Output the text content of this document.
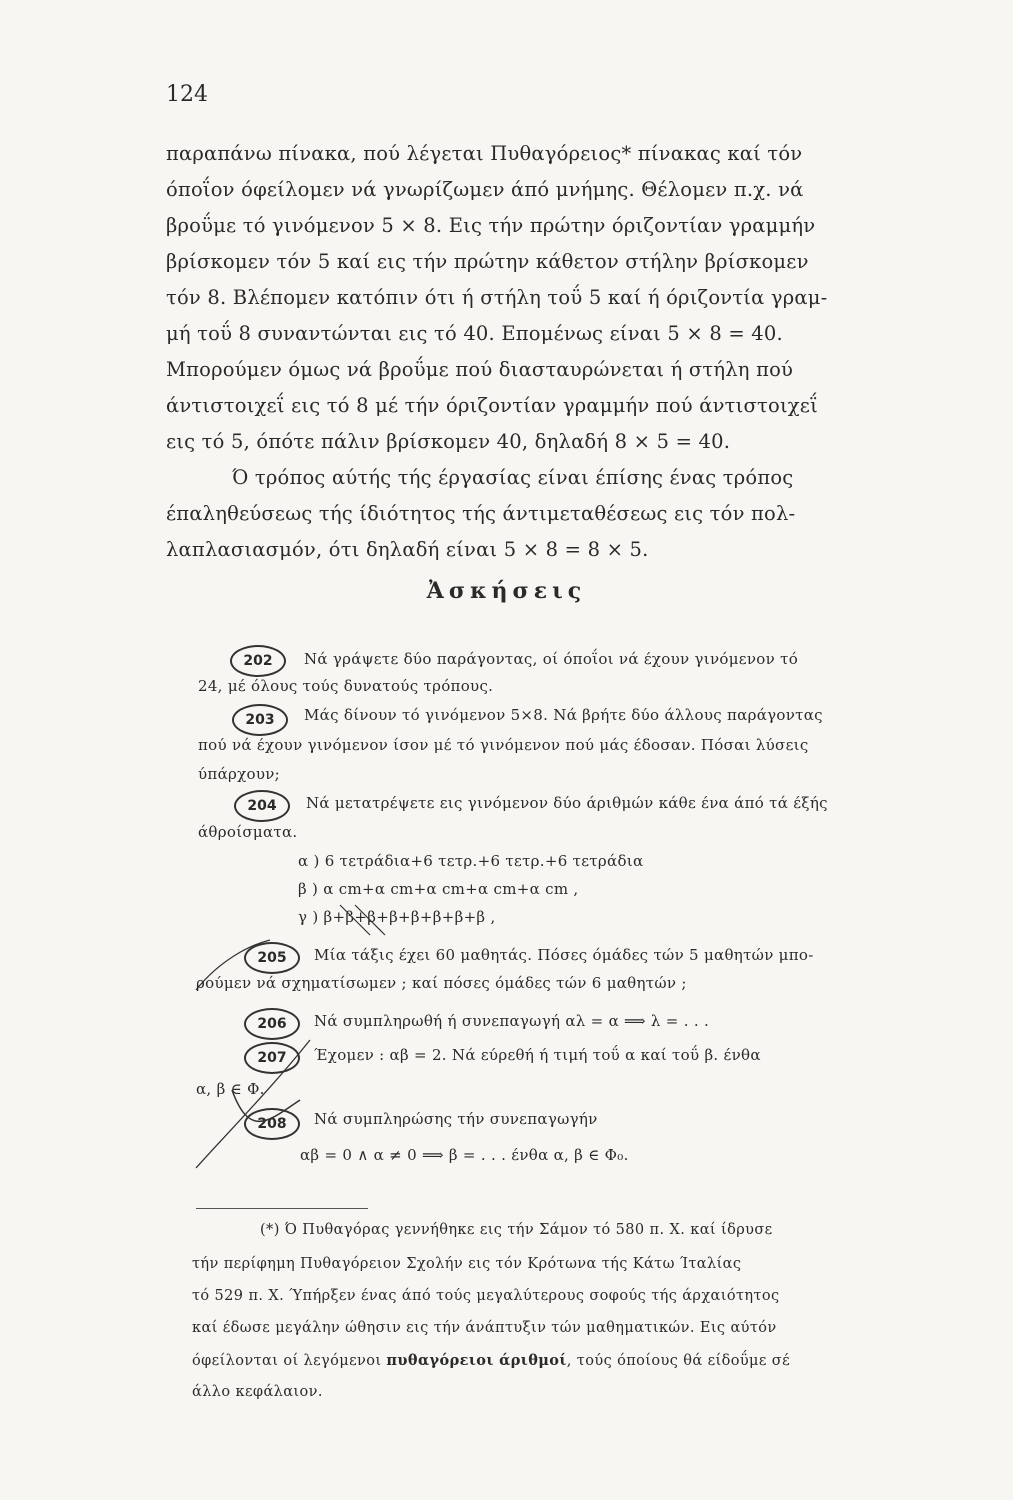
124
παραπάνω πίνακα, πού λέγεται Πυθαγόρειος* πίνακας καί τόν
όποΐον όφείλομεν νά γνωρίζωμεν άπό μνήμης. Θέλομεν π.χ. νά
βροΰμε τό γινόμενον 5 × 8. Εις τήν πρώτην όριζοντίαν γραμμήν
βρίσκομεν τόν 5 καί εις τήν πρώτην κάθετον στήλην βρίσκομεν
τόν 8. Βλέπομεν κατόπιν ότι ή στήλη τοΰ 5 καί ή όριζοντία γραμ-
μή τοΰ 8 συναντώνται εις τό 40. Επομένως είναι 5 × 8 = 40.
Μπορούμεν όμως νά βροΰμε πού διασταυρώνεται ή στήλη πού
άντιστοιχεΐ εις τό 8 μέ τήν όριζοντίαν γραμμήν πού άντιστοιχεΐ
εις τό 5, όπότε πάλιν βρίσκομεν 40, δηλαδή 8 × 5 = 40.
Ό τρόπος αύτής τής έργασίας είναι έπίσης ένας τρόπος
έπαληθεύσεως τής ίδιότητος τής άντιμεταθέσεως εις τόν πολ-
λαπλασιασμόν, ότι δηλαδή είναι 5 × 8 = 8 × 5.
Ἀσκήσεις
202	Νά γράψετε δύο παράγοντας, οί όποΐοι νά έχουν γινόμενον τό
24, μέ όλους τούς δυνατούς τρόπους.
203	Μάς δίνουν τό γινόμενον 5×8. Νά βρήτε δύο άλλους παράγοντας
πού νά έχουν γινόμενον ίσον μέ τό γινόμενον πού μάς έδοσαν. Πόσαι λύσεις
ύπάρχουν;
204	Νά μετατρέψετε εις γινόμενον δύο άριθμών κάθε ένα άπό τά έξής
άθροίσματα.
α ) 6 τετράδια+6 τετρ.+6 τετρ.+6 τετράδια
β ) α cm+α cm+α cm+α cm+α cm ,
γ ) β+β+β+β+β+β+β+β ,
205	Μία τάξις έχει 60 μαθητάς. Πόσες όμάδες τών 5 μαθητών μπο-
ρούμεν νά σχηματίσωμεν ; καί πόσες όμάδες τών 6 μαθητών ;
206	Νά συμπληρωθή ή συνεπαγωγή αλ = α ⟹ λ = . . .
207	Έχομεν : αβ = 2. Νά εύρεθή ή τιμή τοΰ α καί τοΰ β. ένθα
α, β ∈ Φ.
208	Νά συμπληρώσης τήν συνεπαγωγήν
αβ = 0 ∧ α ≠ 0 ⟹ β = . . . ένθα α, β ∈ Φ₀.
(*) Ό Πυθαγόρας γεννήθηκε εις τήν Σάμον τό 580 π. Χ. καί ίδρυσε
τήν περίφημη Πυθαγόρειον Σχολήν εις τόν Κρότωνα τής Κάτω Ίταλίας
τό 529 π. Χ. Ύπήρξεν ένας άπό τούς μεγαλύτερους σοφούς τής άρχαιότητος
καί έδωσε μεγάλην ώθησιν εις τήν άνάπτυξιν τών μαθηματικών. Εις αύτόν
όφείλονται οί λεγόμενοι πυθαγόρειοι άριθμοί, τούς όποίους θά είδοΰμε σέ
άλλο κεφάλαιον.
